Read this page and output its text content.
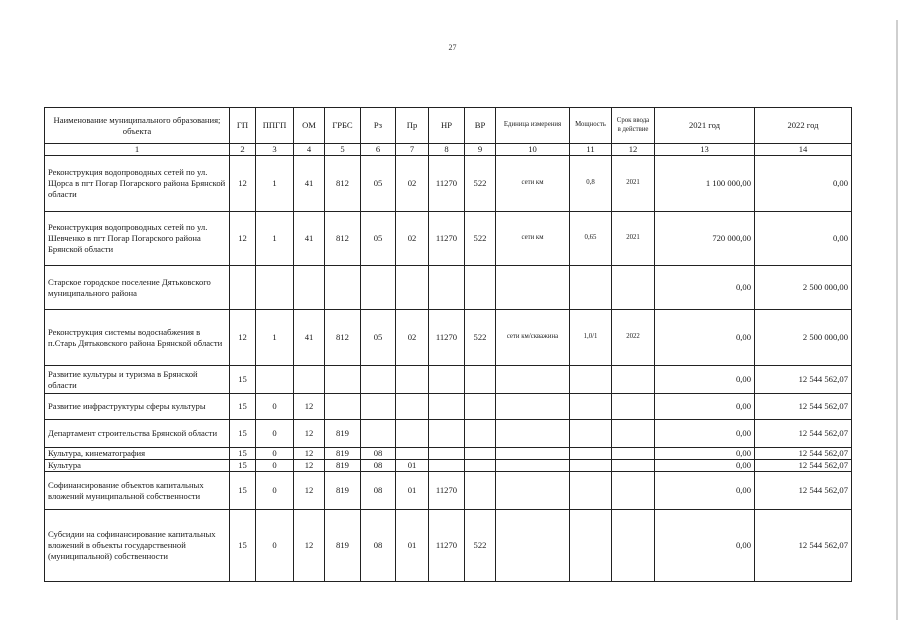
27
Наименование муниципального образования; объекта	ГП	ППГП	ОМ	ГРБС	Рз	Пр	НР	ВР	Единица измерения	Мощность	Срок ввода в действие	2021 год	2022 год
1	2	3	4	5	6	7	8	9	10	11	12	13	14
Реконструкция водопроводных сетей по ул. Щорса в пгт Погар Погарского района Брянской области	12	1	41	812	05	02	11270	522	сети км	0,8	2021	1 100 000,00	0,00
Реконструкция водопроводных сетей по ул. Шевченко в пгт Погар Погарского района Брянской области	12	1	41	812	05	02	11270	522	сети км	0,65	2021	720 000,00	0,00
Старское городское поселение Дятьковского муниципального района												0,00	2 500 000,00
Реконструкция системы водоснабжения в п.Старь Дятьковского района Брянской области	12	1	41	812	05	02	11270	522	сети км/скважина	1,0/1	2022	0,00	2 500 000,00
Развитие культуры и туризма в Брянской области	15											0,00	12 544 562,07
Развитие инфраструктуры сферы культуры	15	0	12									0,00	12 544 562,07
Департамент строительства Брянской области	15	0	12	819								0,00	12 544 562,07
Культура, кинематография	15	0	12	819	08							0,00	12 544 562,07
Культура	15	0	12	819	08	01						0,00	12 544 562,07
Софинансирование объектов капитальных вложений муниципальной собственности	15	0	12	819	08	01	11270					0,00	12 544 562,07
Субсидии на софинансирование капитальных вложений в объекты государственной (муниципальной) собственности	15	0	12	819	08	01	11270	522				0,00	12 544 562,07
